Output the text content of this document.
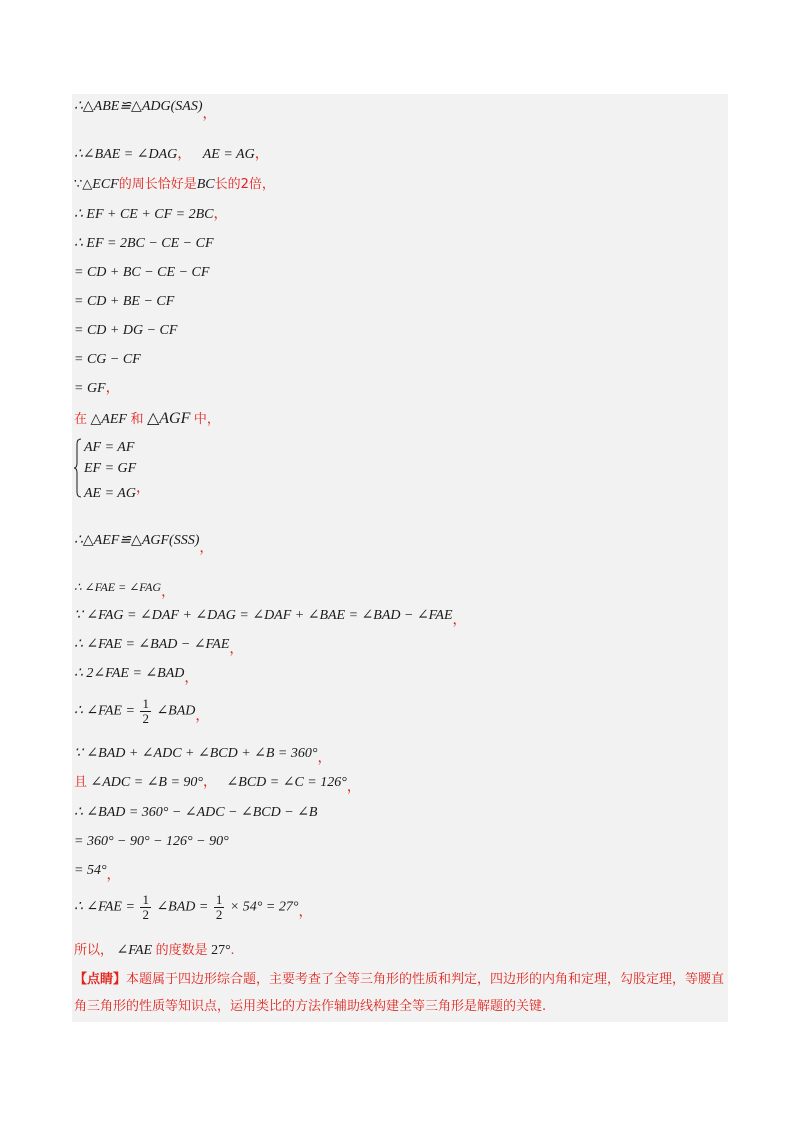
∴△ABE≌△ADG(SAS)，
∴∠BAE = ∠DAG， AE = AG，
∵△ECF的周长恰好是BC长的2倍，
∴ EF + CE + CF = 2BC，
∴ EF = 2BC − CE − CF
= CD + BC − CE − CF
= CD + BE − CF
= CD + DG − CF
= CG − CF
= GF，
在 △AEF 和 △AGF 中，
AF = AF
EF = GF
AE = AG，
∴△AEF≌△AGF(SSS)，
∴ ∠FAE = ∠FAG，
∵ ∠FAG = ∠DAF + ∠DAG = ∠DAF + ∠BAE = ∠BAD − ∠FAE，
∴ ∠FAE = ∠BAD − ∠FAE，
∴ 2∠FAE = ∠BAD，
∴ ∠FAE = $\frac{1}{2}$ ∠BAD，
∵ ∠BAD + ∠ADC + ∠BCD + ∠B = 360°，
且 ∠ADC = ∠B = 90°， ∠BCD = ∠C = 126°，
∴ ∠BAD = 360° − ∠ADC − ∠BCD − ∠B
= 360° − 90° − 126° − 90°
= 54°，
∴ ∠FAE = $\frac{1}{2}$ ∠BAD = $\frac{1}{2} \times 54^\circ = 27^\circ$，
所以， ∠FAE 的度数是 27°.
【点睛】本题属于四边形综合题，主要考查了全等三角形的性质和判定，四边形的内角和定理，勾股定理，等腰直角三角形的性质等知识点，运用类比的方法作辅助线构建全等三角形是解题的关键.
